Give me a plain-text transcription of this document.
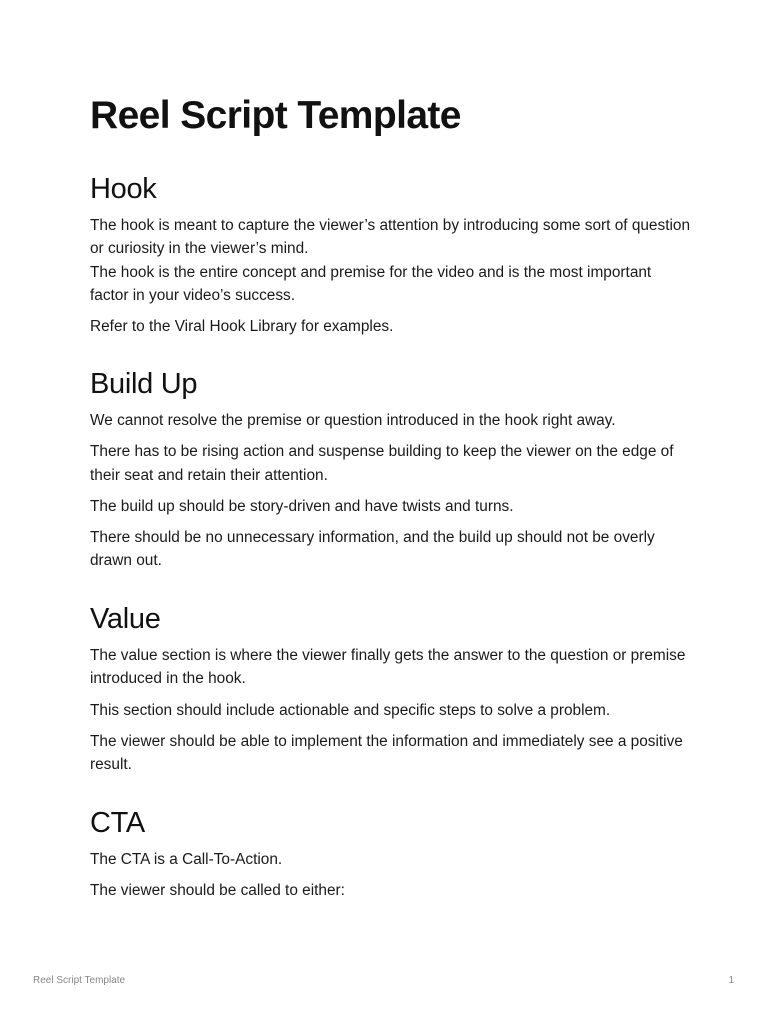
Reel Script Template
Hook

The hook is meant to capture the viewer’s attention by introducing some sort of question or curiosity in the viewer’s mind.

The hook is the entire concept and premise for the video and is the most important factor in your video’s success.

Refer to the Viral Hook Library for examples.

Build Up

We cannot resolve the premise or question introduced in the hook right away.

There has to be rising action and suspense building to keep the viewer on the edge of their seat and retain their attention.

The build up should be story-driven and have twists and turns.

There should be no unnecessary information, and the build up should not be overly drawn out.

Value

The value section is where the viewer finally gets the answer to the question or premise introduced in the hook.

This section should include actionable and specific steps to solve a problem.

The viewer should be able to implement the information and immediately see a positive result.

CTA

The CTA is a Call-To-Action.

The viewer should be called to either:

Reel Script Template	1
